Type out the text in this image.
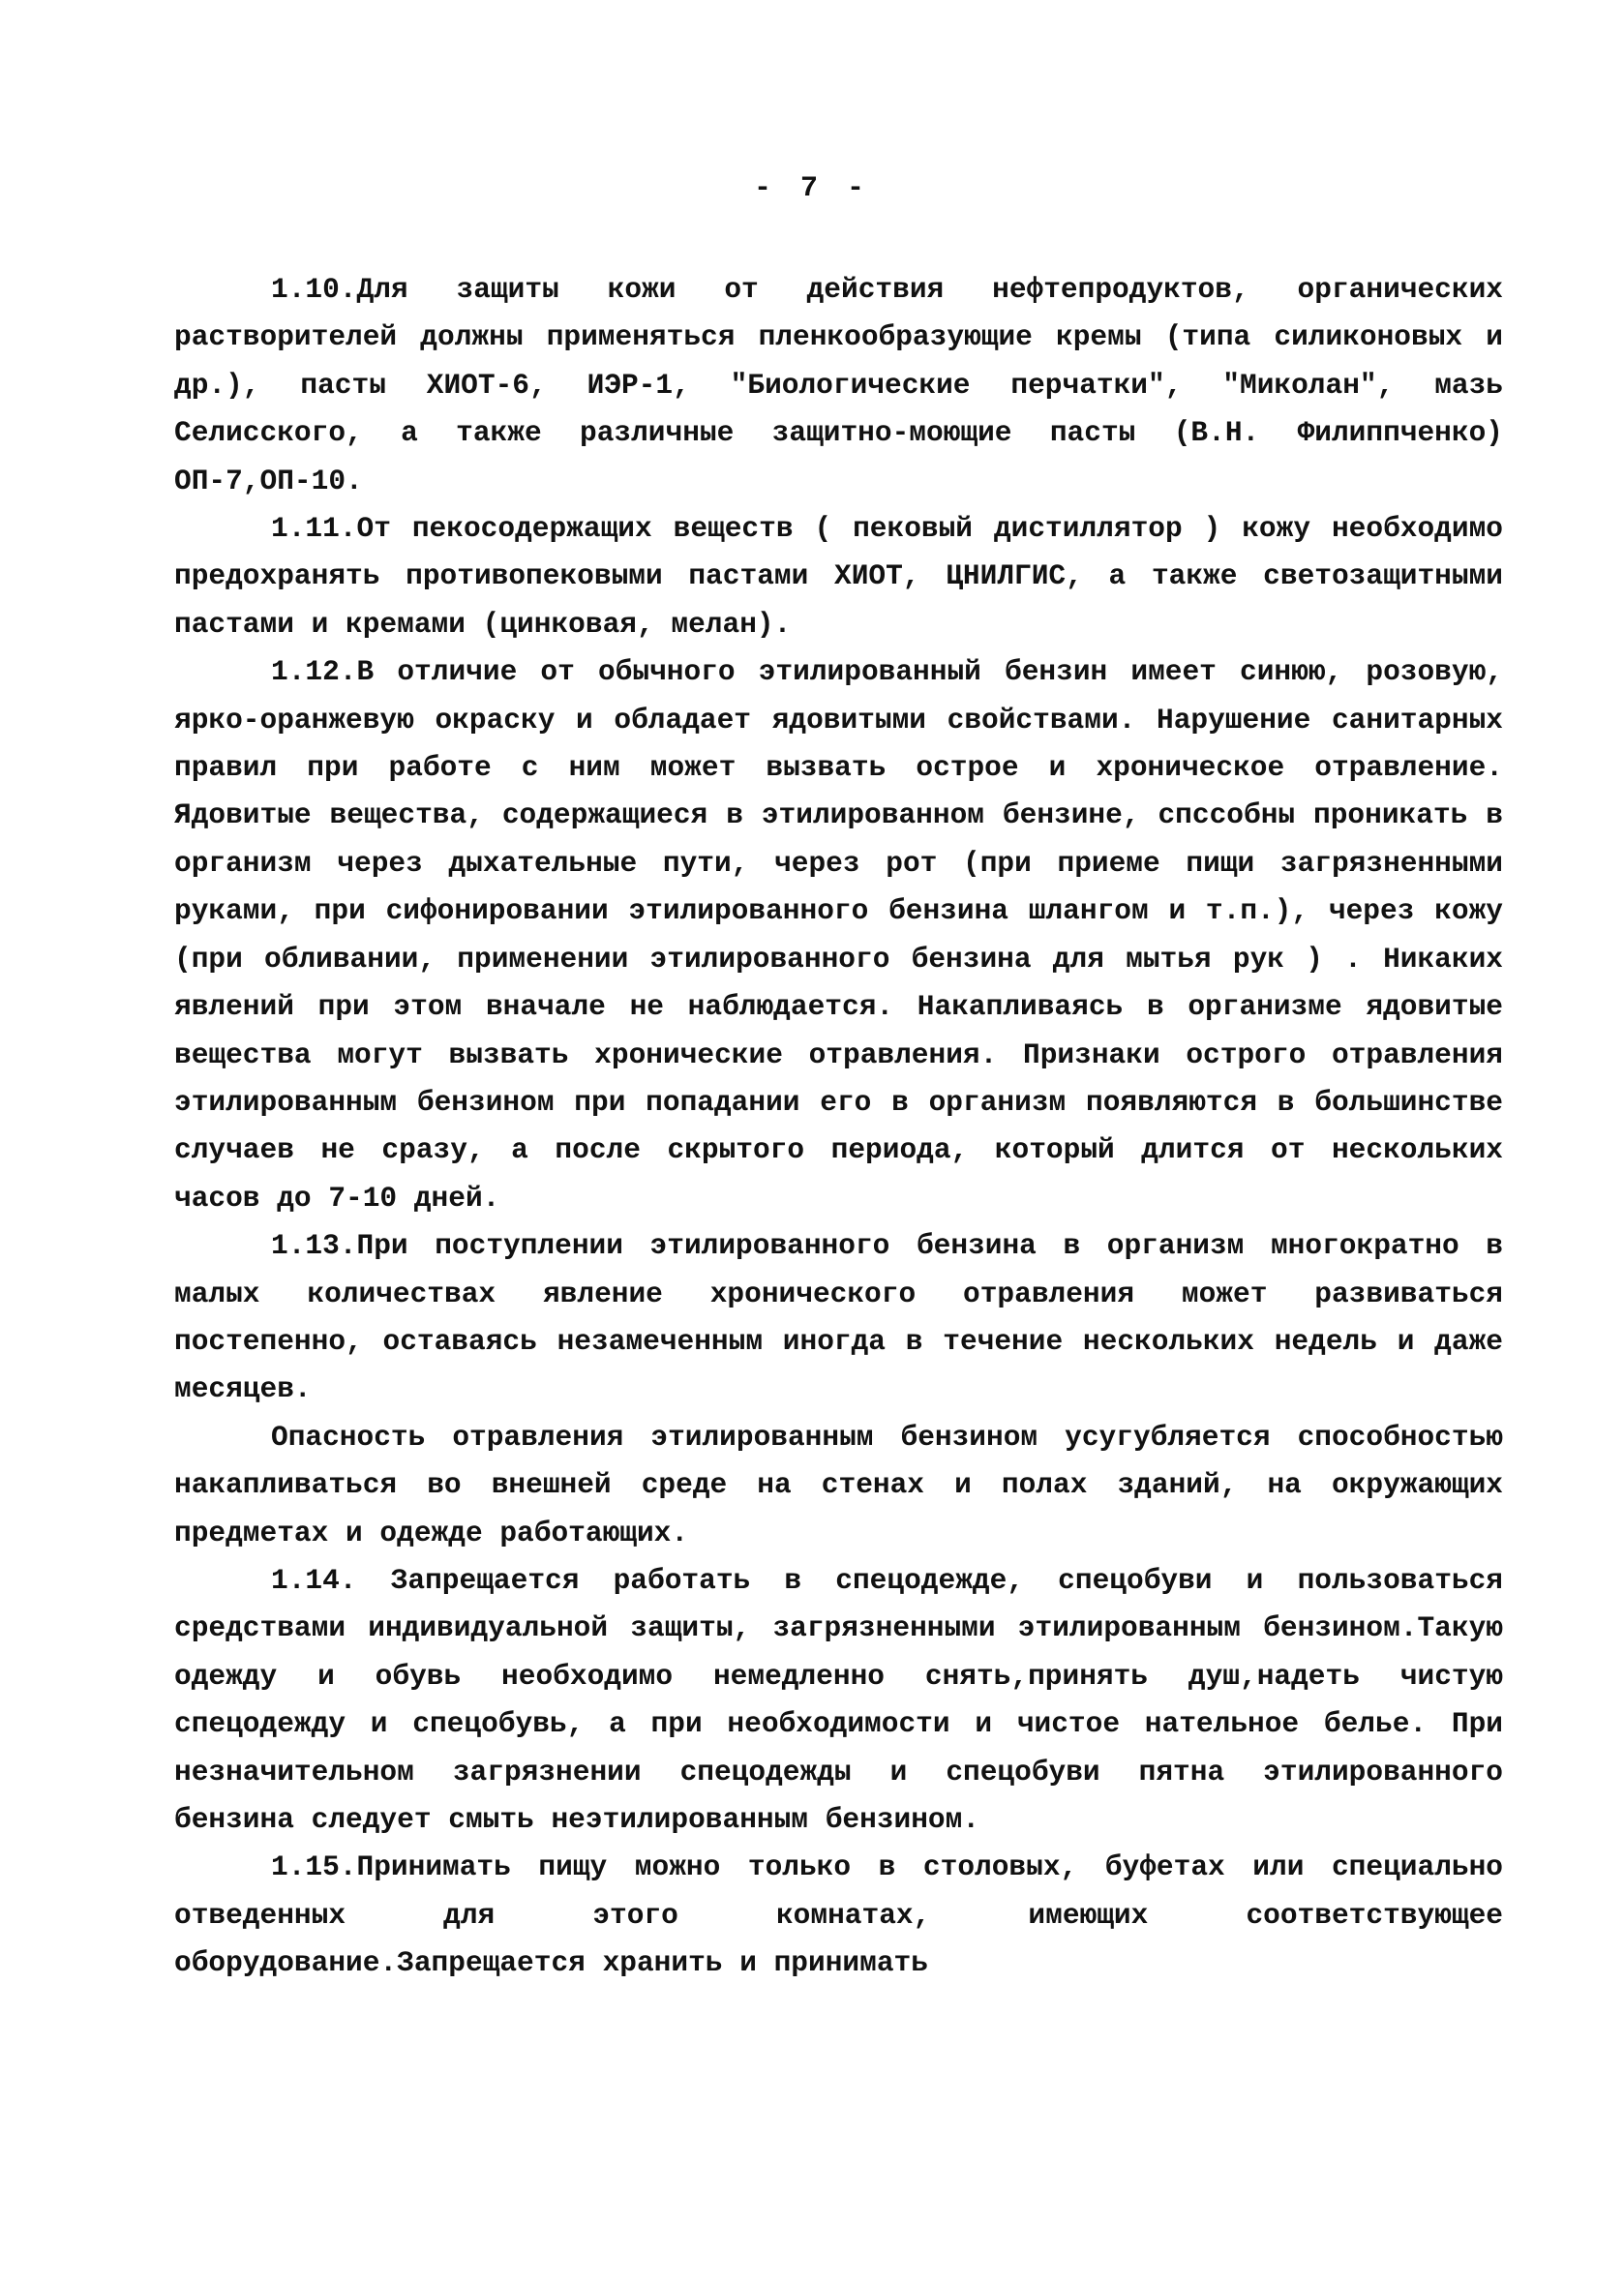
- 7 -

1.10.Для защиты кожи от действия нефтепродуктов, органических растворителей должны применяться пленкообразующие кремы (типа силиконовых и др.), пасты ХИОТ-6, ИЭР-1, "Биологические перчатки", "Миколан", мазь Селисского, а также различные защитно-моющие пасты (В.Н. Филиппченко) ОП-7,ОП-10.

1.11.От пекосодержащих веществ ( пековый дистиллятор ) кожу необходимо предохранять противопековыми пастами ХИОТ, ЦНИЛГИС, а также светозащитными пастами и кремами (цинковая, мелан).

1.12.В отличие от обычного этилированный бензин имеет синюю, розовую, ярко-оранжевую окраску и обладает ядовитыми свойствами. Нарушение санитарных правил при работе с ним может вызвать острое и хроническое отравление. Ядовитые вещества, содержащиеся в этилированном бензине, спссобны проникать в организм через дыхательные пути, через рот (при приеме пищи загрязненными руками, при сифонировании этилированного бензина шлангом и т.п.), через кожу (при обливании, применении этилированного бензина для мытья рук ) . Никаких явлений при этом вначале не наблюдается. Накапливаясь в организме ядовитые вещества могут вызвать хронические отравления. Признаки острого отравления этилированным бензином при попадании его в организм появляются в большинстве случаев не сразу, а после скрытого периода, который длится от нескольких часов до 7-10 дней.

1.13.При поступлении этилированного бензина в организм многократно в малых количествах явление хронического отравления может развиваться постепенно, оставаясь незамеченным иногда в течение нескольких недель и даже месяцев.

Опасность отравления этилированным бензином усугубляется способностью накапливаться во внешней среде на стенах и полах зданий, на окружающих предметах и одежде работающих.

1.14. Запрещается работать в спецодежде, спецобуви и пользоваться средствами индивидуальной защиты, загрязненными этилированным бензином.Такую одежду и обувь необходимо немедленно снять,принять душ,надеть чистую спецодежду и спецобувь, а при необходимости и чистое нательное белье. При незначительном загрязнении спецодежды и спецобуви пятна этилированного бензина следует смыть неэтилированным бензином.

1.15.Принимать пищу можно только в столовых, буфетах или специально отведенных для этого комнатах, имеющих соответствующее оборудование.Запрещается хранить и принимать
